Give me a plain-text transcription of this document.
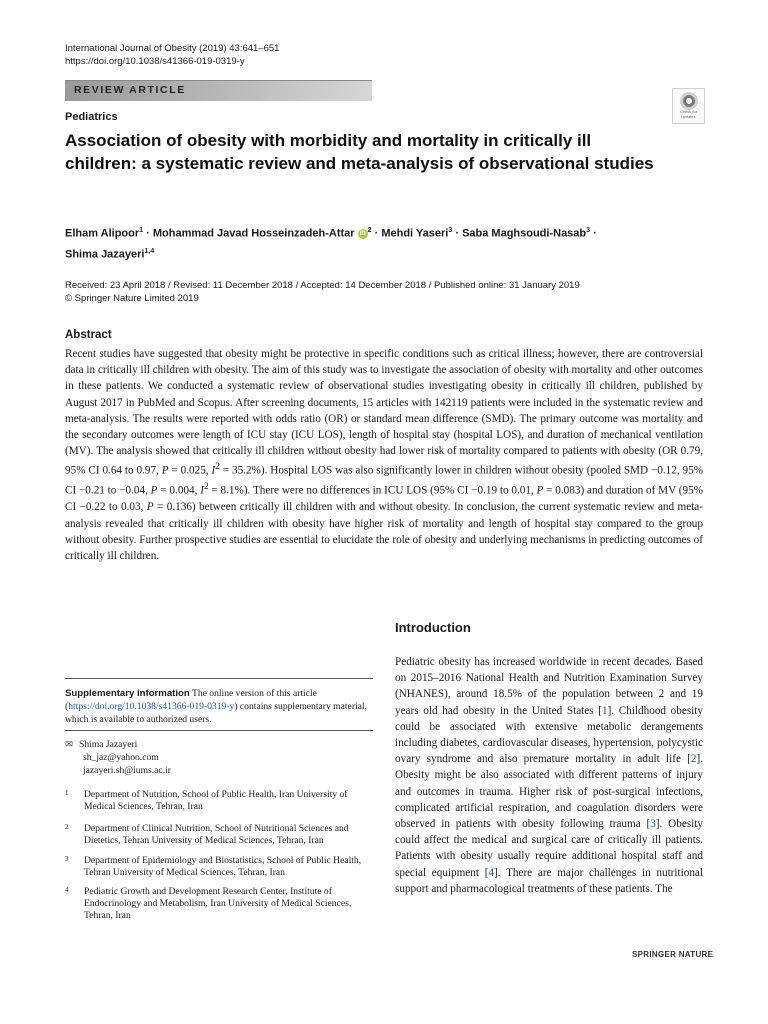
International Journal of Obesity (2019) 43:641–651
https://doi.org/10.1038/s41366-019-0319-y
REVIEW ARTICLE
Pediatrics	Check for
updates
Association of obesity with morbidity and mortality in critically ill children: a systematic review and meta-analysis of observational studies
Elham Alipoor$^1$ · Mohammad Javad Hosseinzadeh-Attar iD $^2$ · Mehdi Yaseri$^3$ · Saba Maghsoudi-Nasab$^3$ ·
Shima Jazayeri$^{1,4}$
Received: 23 April 2018 / Revised: 11 December 2018 / Accepted: 14 December 2018 / Published online: 31 January 2019
© Springer Nature Limited 2019
Abstract
Recent studies have suggested that obesity might be protective in specific conditions such as critical illness; however, there are controversial data in critically ill children with obesity. The aim of this study was to investigate the association of obesity with mortality and other outcomes in these patients. We conducted a systematic review of observational studies investigating obesity in critically ill children, published by August 2017 in PubMed and Scopus. After screening documents, 15 articles with 142119 patients were included in the systematic review and meta-analysis. The results were reported with odds ratio (OR) or standard mean difference (SMD). The primary outcome was mortality and the secondary outcomes were length of ICU stay (ICU LOS), length of hospital stay (hospital LOS), and duration of mechanical ventilation (MV). The analysis showed that critically ill children without obesity had lower risk of mortality compared to patients with obesity (OR 0.79, 95% CI 0.64 to 0.97, P = 0.025, $I^2 = 35.2\%$). Hospital LOS was also significantly lower in children without obesity (pooled SMD −0.12, 95% CI −0.21 to −0.04, P = 0.004, $I^2 = 8.1\%$). There were no differences in ICU LOS (95% CI −0.19 to 0.01, P = 0.083) and duration of MV (95% CI −0.22 to 0.03, P = 0.136) between critically ill children with and without obesity. In conclusion, the current systematic review and meta-analysis revealed that critically ill children with obesity have higher risk of mortality and length of hospital stay compared to the group without obesity. Further prospective studies are essential to elucidate the role of obesity and underlying mechanisms in predicting outcomes of critically ill children.
Introduction
Pediatric obesity has increased worldwide in recent decades. Based on 2015–2016 National Health and Nutrition Examination Survey (NHANES), around 18.5% of the population between 2 and 19 years old had obesity in the United States [1]. Childhood obesity could be associated with extensive metabolic derangements including diabetes, cardiovascular diseases, hypertension, polycystic ovary syndrome and also premature mortality in adult life [2]. Obesity might be also associated with different patterns of injury and outcomes in trauma. Higher risk of post-surgical infections, complicated artificial respiration, and coagulation disorders were observed in patients with obesity following trauma [3]. Obesity could affect the medical and surgical care of critically ill patients. Patients with obesity usually require additional hospital staff and special equipment [4]. There are major challenges in nutritional support and pharmacological treatments of these patients. The
Supplementary information The online version of this article (https://doi.org/10.1038/s41366-019-0319-y) contains supplementary material, which is available to authorized users.
✉ Shima Jazayeri
sh_jaz@yahoo.com
jazayeri.sh@iums.ac.ir
1 Department of Nutrition, School of Public Health, Iran University of Medical Sciences, Tehran, Iran
2 Department of Clinical Nutrition, School of Nutritional Sciences and Dietetics, Tehran University of Medical Sciences, Tehran, Iran
3 Department of Epidemiology and Biostatistics, School of Public Health, Tehran University of Medical Sciences, Tehran, Iran
4 Pediatric Growth and Development Research Center, Institute of Endocrinology and Metabolism, Iran University of Medical Sciences, Tehran, Iran
SPRINGER NATURE
